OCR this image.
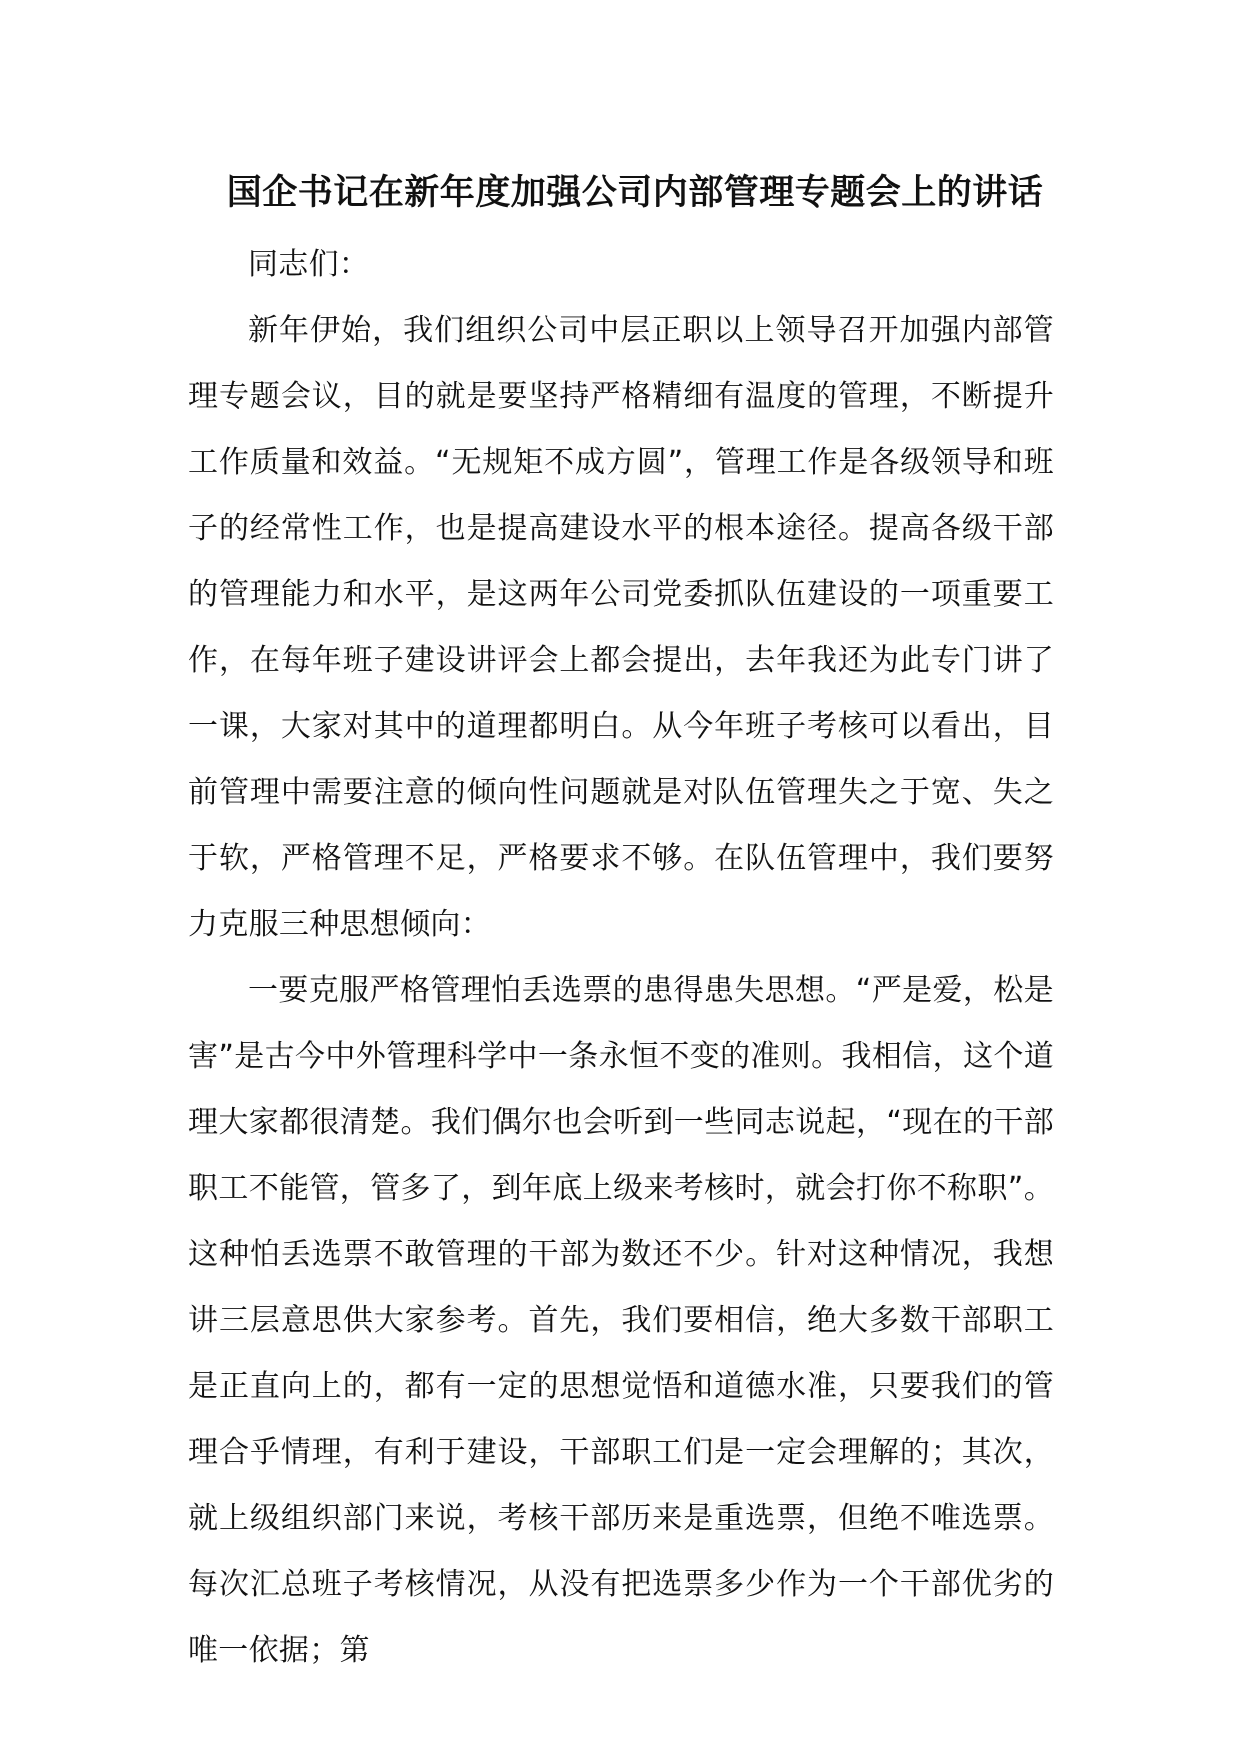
国企书记在新年度加强公司内部管理专题会上的讲话

同志们：

新年伊始，我们组织公司中层正职以上领导召开加强内部管理专题会议，目的就是要坚持严格精细有温度的管理，不断提升工作质量和效益。“无规矩不成方圆”，管理工作是各级领导和班子的经常性工作，也是提高建设水平的根本途径。提高各级干部的管理能力和水平，是这两年公司党委抓队伍建设的一项重要工作，在每年班子建设讲评会上都会提出，去年我还为此专门讲了一课，大家对其中的道理都明白。从今年班子考核可以看出，目前管理中需要注意的倾向性问题就是对队伍管理失之于宽、失之于软，严格管理不足，严格要求不够。在队伍管理中，我们要努力克服三种思想倾向：

一要克服严格管理怕丢选票的患得患失思想。“严是爱，松是害”是古今中外管理科学中一条永恒不变的准则。我相信，这个道理大家都很清楚。我们偶尔也会听到一些同志说起，“现在的干部职工不能管，管多了，到年底上级来考核时，就会打你不称职”。这种怕丢选票不敢管理的干部为数还不少。针对这种情况，我想讲三层意思供大家参考。首先，我们要相信，绝大多数干部职工是正直向上的，都有一定的思想觉悟和道德水准，只要我们的管理合乎情理，有利于建设，干部职工们是一定会理解的；其次，就上级组织部门来说，考核干部历来是重选票，但绝不唯选票。每次汇总班子考核情况，从没有把选票多少作为一个干部优劣的唯一依据；第
